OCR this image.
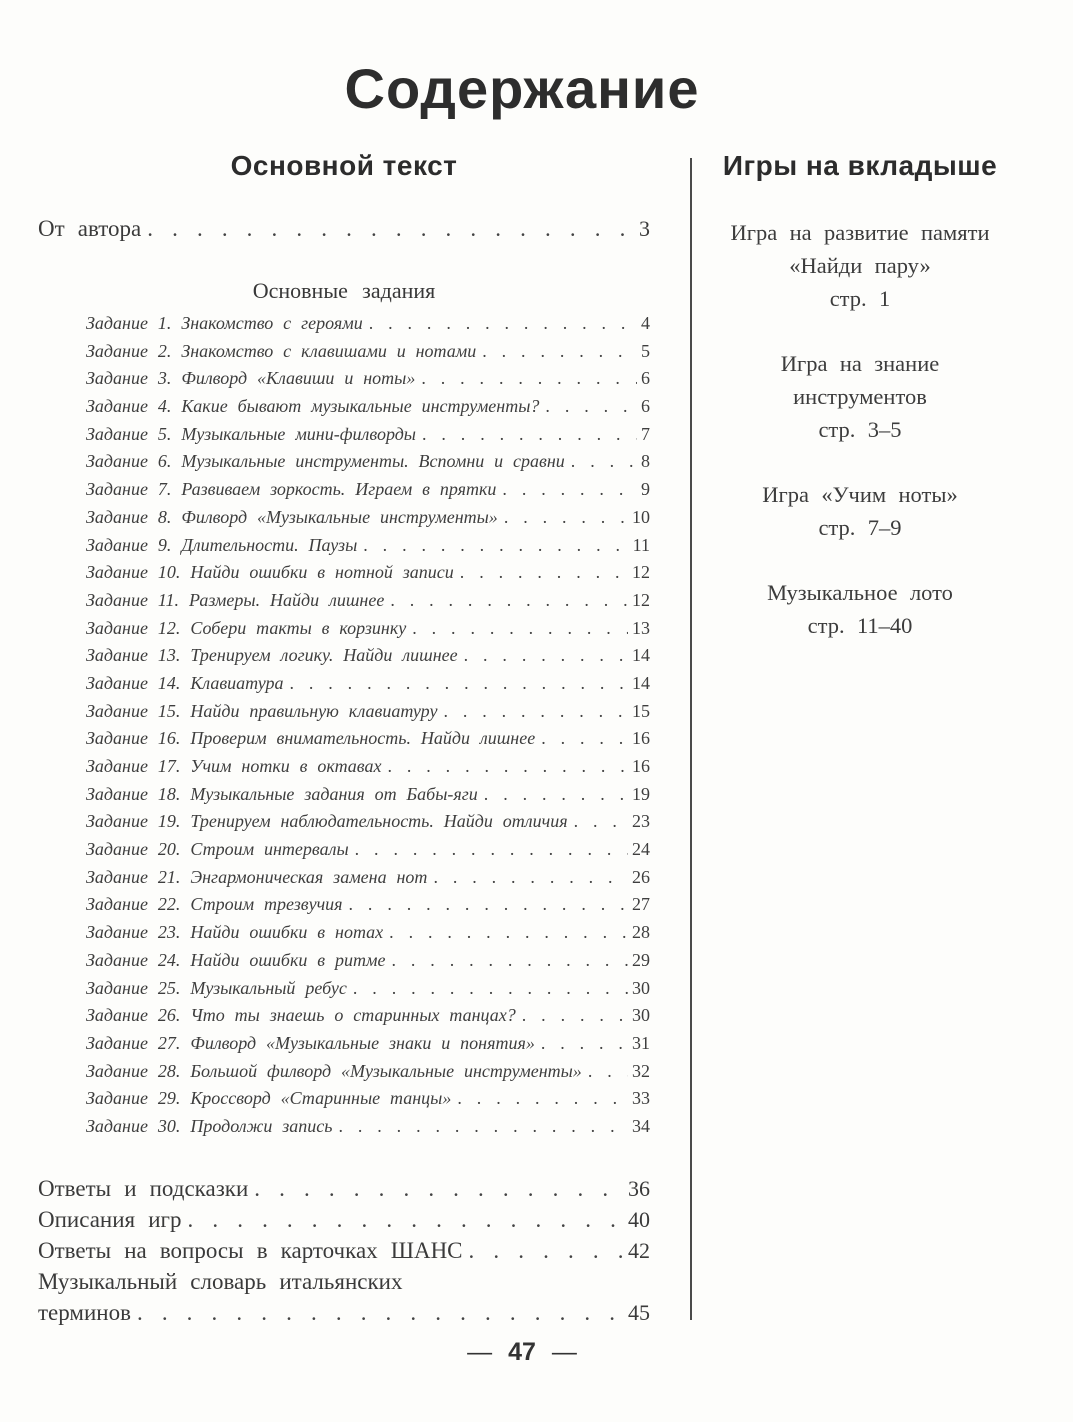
Содержание
Основной текст
От автора . . .	3
Основные задания
Задание 1. Знакомство с героями . . .	4
Задание 2. Знакомство с клавишами и нотами . . .	5
Задание 3. Филворд «Клавиши и ноты» . . .	6
Задание 4. Какие бывают музыкальные инструменты? . . .	6
Задание 5. Музыкальные мини-филворды . . .	7
Задание 6. Музыкальные инструменты. Вспомни и сравни . . .	8
Задание 7. Развиваем зоркость. Играем в прятки . . .	9
Задание 8. Филворд «Музыкальные инструменты» . . .	10
Задание 9. Длительности. Паузы . . .	11
Задание 10. Найди ошибки в нотной записи . . .	12
Задание 11. Размеры. Найди лишнее . . .	12
Задание 12. Собери такты в корзинку . . .	13
Задание 13. Тренируем логику. Найди лишнее . . .	14
Задание 14. Клавиатура . . .	14
Задание 15. Найди правильную клавиатуру . . .	15
Задание 16. Проверим внимательность. Найди лишнее . . .	16
Задание 17. Учим нотки в октавах . . .	16
Задание 18. Музыкальные задания от Бабы-яги . . .	19
Задание 19. Тренируем наблюдательность. Найди отличия . . .	23
Задание 20. Строим интервалы . . .	24
Задание 21. Энгармоническая замена нот . . .	26
Задание 22. Строим трезвучия . . .	27
Задание 23. Найди ошибки в нотах . . .	28
Задание 24. Найди ошибки в ритме . . .	29
Задание 25. Музыкальный ребус . . .	30
Задание 26. Что ты знаешь о старинных танцах? . . .	30
Задание 27. Филворд «Музыкальные знаки и понятия» . . .	31
Задание 28. Большой филворд «Музыкальные инструменты» . . .	32
Задание 29. Кроссворд «Старинные танцы» . . .	33
Задание 30. Продолжи запись . . .	34
Ответы и подсказки . . .	36
Описания игр . . .	40
Ответы на вопросы в карточках ШАНС . . .	42
Музыкальный словарь итальянских
терминов . . .	45
Игры на вкладыше
Игра на развитие памяти
«Найди пару»
стр. 1
Игра на знание
инструментов
стр. 3–5
Игра «Учим ноты»
стр. 7–9
Музыкальное лото
стр. 11–40
— 47 —
